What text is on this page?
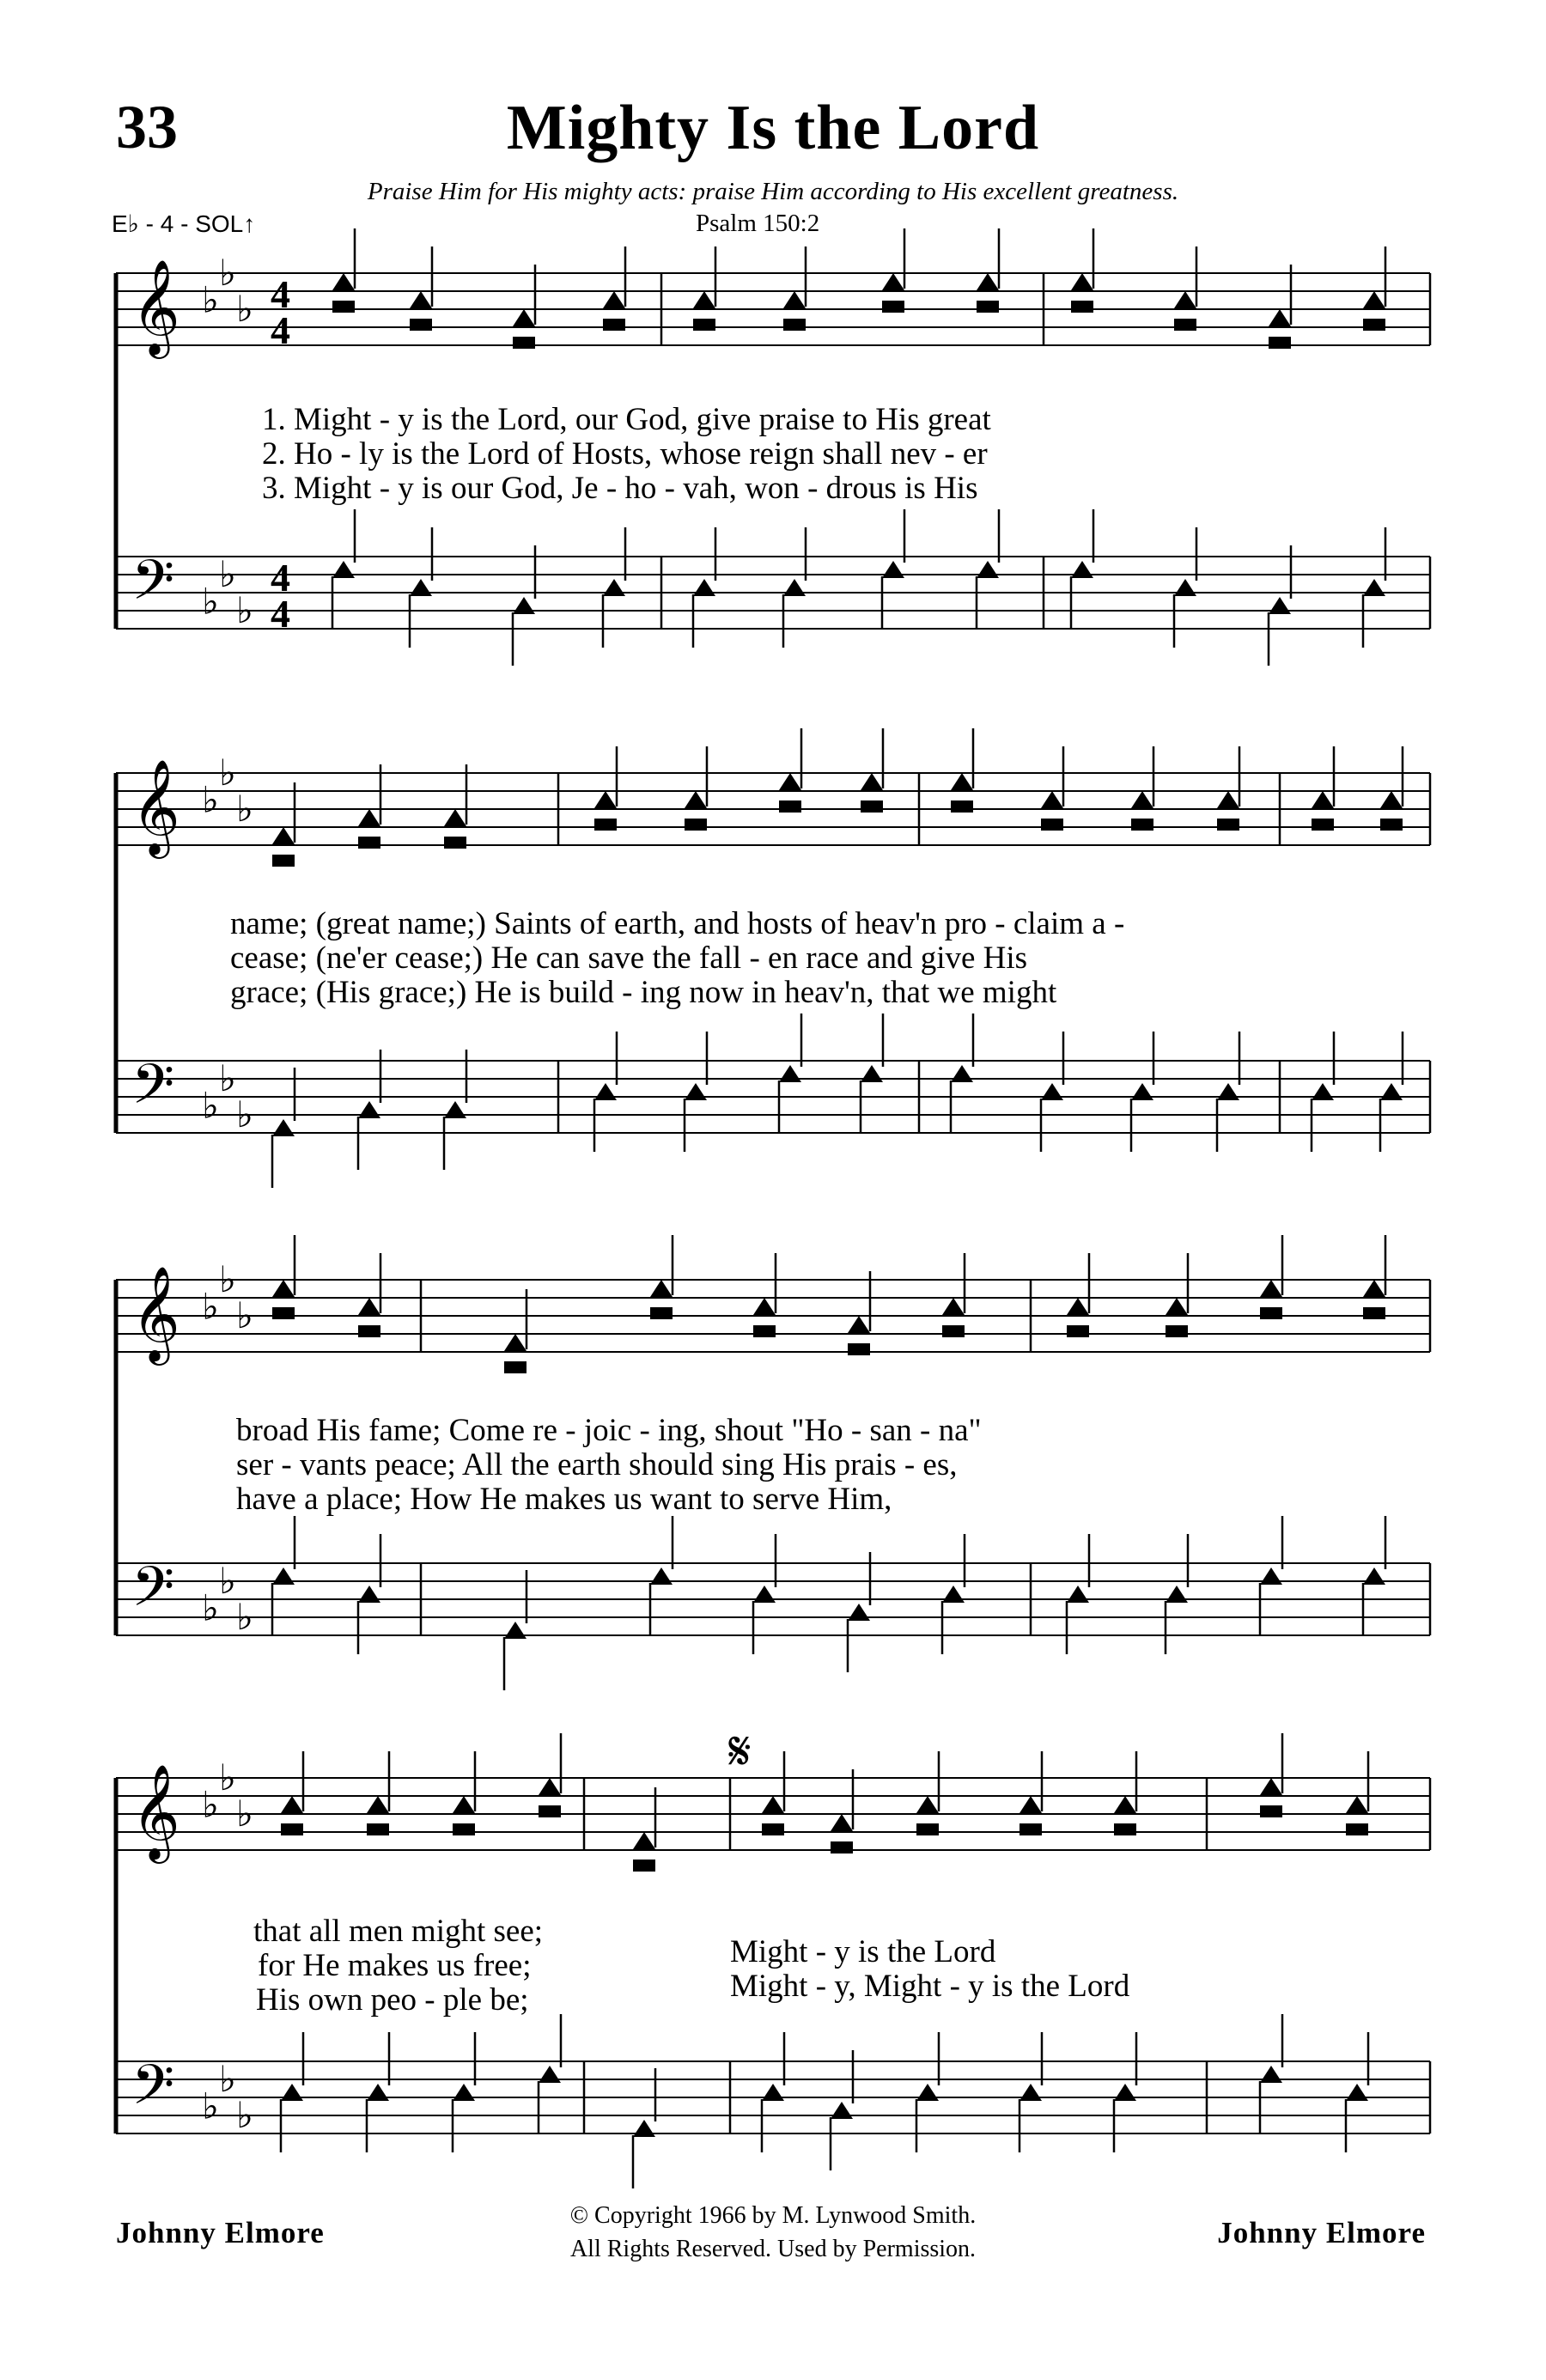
33	Mighty Is the Lord
Praise Him for His mighty acts: praise Him according to His excellent greatness.
E♭ - 4 - SOL↑	Psalm 150:2
𝄞
𝄢
♭
♭
♭
♭
♭
♭
4
4
4
4
𝄞
𝄢
♭
♭
♭
♭
♭
♭
𝄞
𝄢
♭
♭
♭
♭
♭
♭
𝄞
𝄢
♭
♭
♭
♭
♭
♭
1. Might - y is the Lord, our God, give praise to His great
2. Ho - ly is the Lord of Hosts, whose reign shall nev - er
3. Might - y is our God, Je - ho - vah, won - drous is His
name; (great name;) Saints of earth, and hosts of heav'n pro - claim a -
cease; (ne'er cease;) He can save the fall - en race and give His
grace; (His grace;) He is build - ing now in heav'n, that we might
broad His fame; Come re - joic - ing, shout "Ho - san - na"
ser - vants peace; All the earth should sing His prais - es,
have a place; How He makes us want to serve Him,
that all men might see;
for He makes us free;
His own peo - ple be;
Might - y is the Lord
Might - y, Might - y is the Lord
𝄋
Johnny Elmore
© Copyright 1966 by M. Lynwood Smith.
All Rights Reserved. Used by Permission.	Johnny Elmore
